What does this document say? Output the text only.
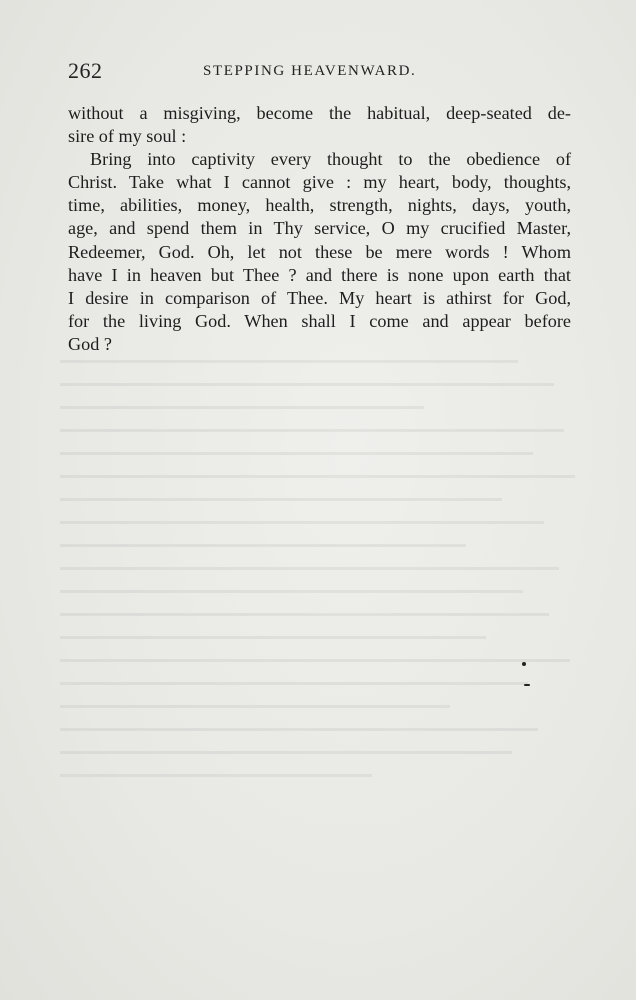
262	STEPPING HEAVENWARD.
without a misgiving, become the habitual, deep-seated de-
sire of my soul :
Bring into captivity every thought to the obedience of
Christ. Take what I cannot give : my heart, body, thoughts,
time, abilities, money, health, strength, nights, days, youth,
age, and spend them in Thy service, O my crucified Master,
Redeemer, God. Oh, let not these be mere words ! Whom
have I in heaven but Thee ? and there is none upon earth that
I desire in comparison of Thee. My heart is athirst for God,
for the living God. When shall I come and appear before
God ?
